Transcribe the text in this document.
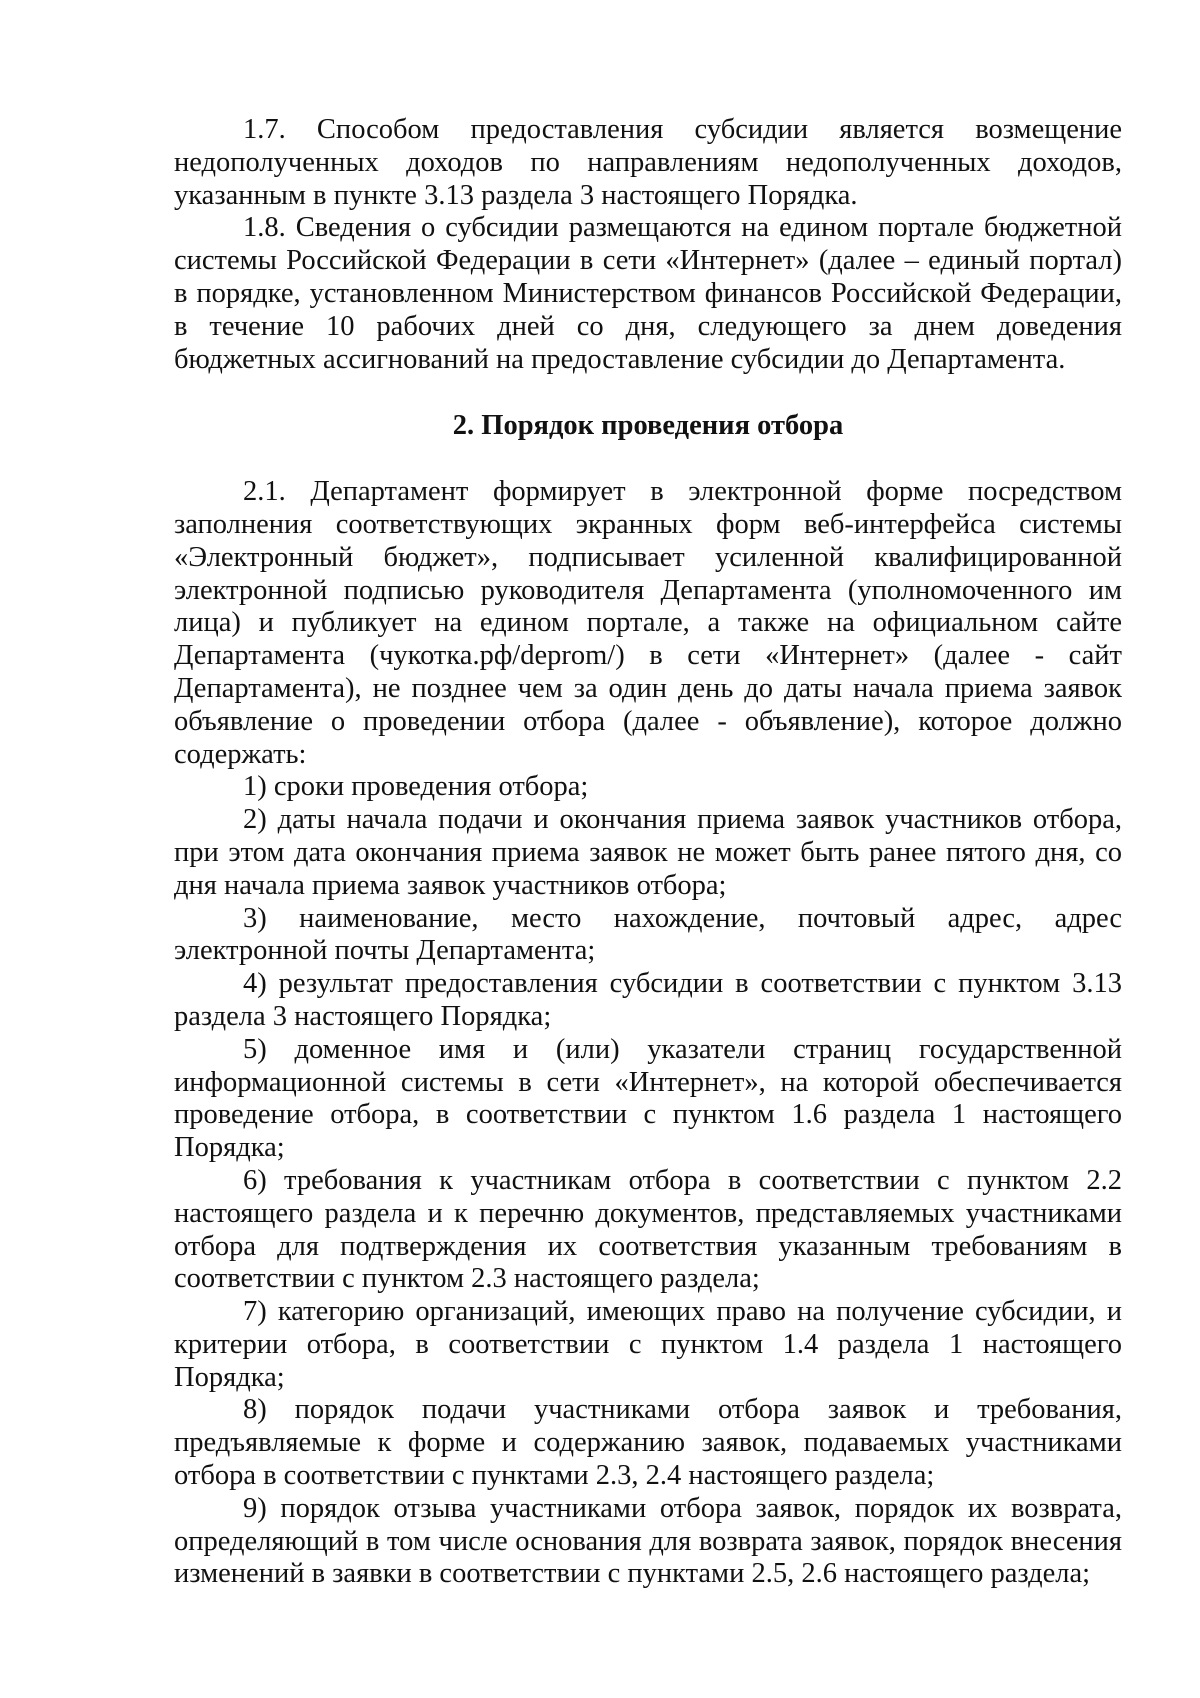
1.7. Способом предоставления субсидии является возмещение недополученных доходов по направлениям недополученных доходов, указанным в пункте 3.13 раздела 3 настоящего Порядка.

1.8. Сведения о субсидии размещаются на едином портале бюджетной системы Российской Федерации в сети «Интернет» (далее – единый портал) в порядке, установленном Министерством финансов Российской Федерации, в течение 10 рабочих дней со дня, следующего за днем доведения бюджетных ассигнований на предоставление субсидии до Департамента.

2. Порядок проведения отбора

2.1. Департамент формирует в электронной форме посредством заполнения соответствующих экранных форм веб-интерфейса системы «Электронный бюджет», подписывает усиленной квалифицированной электронной подписью руководителя Департамента (уполномоченного им лица) и публикует на едином портале, а также на официальном сайте Департамента (чукотка.рф/deprom/) в сети «Интернет» (далее - сайт Департамента), не позднее чем за один день до даты начала приема заявок объявление о проведении отбора (далее - объявление), которое должно содержать:

1) сроки проведения отбора;

2) даты начала подачи и окончания приема заявок участников отбора, при этом дата окончания приема заявок не может быть ранее пятого дня, со дня начала приема заявок участников отбора;

3) наименование, место нахождение, почтовый адрес, адрес электронной почты Департамента;

4) результат предоставления субсидии в соответствии с пунктом 3.13 раздела 3 настоящего Порядка;

5) доменное имя и (или) указатели страниц государственной информационной системы в сети «Интернет», на которой обеспечивается проведение отбора, в соответствии с пунктом 1.6 раздела 1 настоящего Порядка;

6) требования к участникам отбора в соответствии с пунктом 2.2 настоящего раздела и к перечню документов, представляемых участниками отбора для подтверждения их соответствия указанным требованиям в соответствии с пунктом 2.3 настоящего раздела;

7) категорию организаций, имеющих право на получение субсидии, и критерии отбора, в соответствии с пунктом 1.4 раздела 1 настоящего Порядка;

8) порядок подачи участниками отбора заявок и требования, предъявляемые к форме и содержанию заявок, подаваемых участниками отбора в соответствии с пунктами 2.3, 2.4 настоящего раздела;

9) порядок отзыва участниками отбора заявок, порядок их возврата, определяющий в том числе основания для возврата заявок, порядок внесения изменений в заявки в соответствии с пунктами 2.5, 2.6 настоящего раздела;
